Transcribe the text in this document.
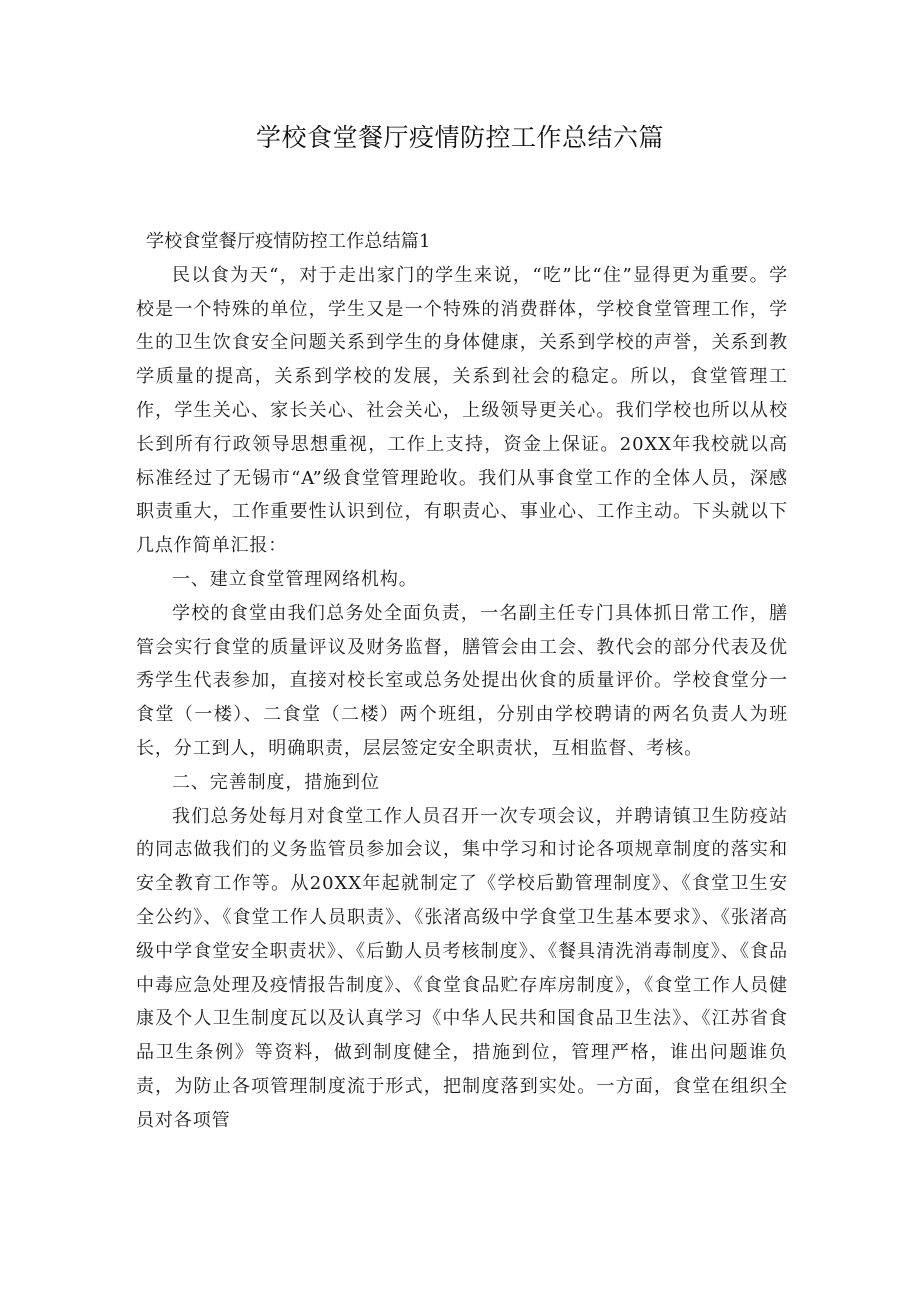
学校食堂餐厅疫情防控工作总结六篇

学校食堂餐厅疫情防控工作总结篇1

民以食为天“，对于走出家门的学生来说，“吃”比“住”显得更为重要。学校是一个特殊的单位，学生又是一个特殊的消费群体，学校食堂管理工作，学生的卫生饮食安全问题关系到学生的身体健康，关系到学校的声誉，关系到教学质量的提高，关系到学校的发展，关系到社会的稳定。所以，食堂管理工作，学生关心、家长关心、社会关心，上级领导更关心。我们学校也所以从校长到所有行政领导思想重视，工作上支持，资金上保证。20XX年我校就以高标准经过了无锡市“A”级食堂管理跄收。我们从事食堂工作的全体人员，深感职责重大，工作重要性认识到位，有职责心、事业心、工作主动。下头就以下几点作简单汇报：

一、建立食堂管理网络机构。

学校的食堂由我们总务处全面负责，一名副主任专门具体抓日常工作，膳管会实行食堂的质量评议及财务监督，膳管会由工会、教代会的部分代表及优秀学生代表参加，直接对校长室或总务处提出伙食的质量评价。学校食堂分一食堂（一楼）、二食堂（二楼）两个班组，分别由学校聘请的两名负责人为班长，分工到人，明确职责，层层签定安全职责状，互相监督、考核。

二、完善制度，措施到位

我们总务处每月对食堂工作人员召开一次专项会议，并聘请镇卫生防疫站的同志做我们的义务监管员参加会议，集中学习和讨论各项规章制度的落实和安全教育工作等。从20XX年起就制定了《学校后勤管理制度》、《食堂卫生安全公约》、《食堂工作人员职责》、《张渚高级中学食堂卫生基本要求》、《张渚高级中学食堂安全职责状》、《后勤人员考核制度》、《餐具清洗消毒制度》、《食品中毒应急处理及疫情报告制度》、《食堂食品贮存库房制度》，《食堂工作人员健康及个人卫生制度瓦以及认真学习《中华人民共和国食品卫生法》、《江苏省食品卫生条例》等资料，做到制度健全，措施到位，管理严格，谁出问题谁负责，为防止各项管理制度流于形式，把制度落到实处。一方面，食堂在组织全员对各项管
